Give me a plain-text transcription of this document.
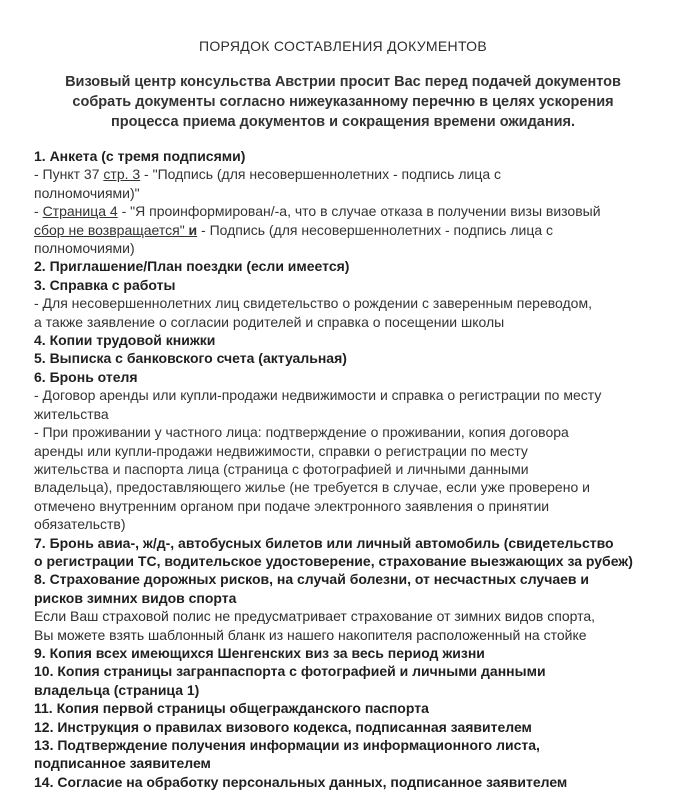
ПОРЯДОК СОСТАВЛЕНИЯ ДОКУМЕНТОВ

Визовый центр консульства Австрии просит Вас перед подачей документов

собрать документы согласно нижеуказанному перечню в целях ускорения

процесса приема документов и сокращения времени ожидания.

1. Анкета (с тремя подписями)
- Пункт 37 стр. 3 - "Подпись (для несовершеннолетних - подпись лица с
полномочиями)"
- Страница 4 - "Я проинформирован/-а, что в случае отказа в получении визы визовый
сбор не возвращается" и - Подпись (для несовершеннолетних - подпись лица с
полномочиями)
2. Приглашение/План поездки (если имеется)
3. Справка с работы
- Для несовершеннолетних лиц свидетельство о рождении с заверенным переводом,
а также заявление о согласии родителей и справка о посещении школы
4. Копии трудовой книжки
5. Выписка с банковского счета (актуальная)
6. Бронь отеля
- Договор аренды или купли-продажи недвижимости и справка о регистрации по месту
жительства
- При проживании у частного лица: подтверждение о проживании, копия договора
аренды или купли-продажи недвижимости, справки о регистрации по месту
жительства и паспорта лица (страница с фотографией и личными данными
владельца), предоставляющего жилье (не требуется в случае, если уже проверено и
отмечено внутренним органом при подаче электронного заявления о принятии
обязательств)
7. Бронь авиа-, ж/д-, автобусных билетов или личный автомобиль (свидетельство
о регистрации ТС, водительское удостоверение, страхование выезжающих за рубеж)
8. Страхование дорожных рисков, на случай болезни, от несчастных случаев и
рисков зимних видов спорта
Если Ваш страховой полис не предусматривает страхование от зимних видов спорта,
Вы можете взять шаблонный бланк из нашего накопителя расположенный на стойке
9. Копия всех имеющихся Шенгенских виз за весь период жизни
10. Копия страницы загранпаспорта с фотографией и личными данными
владельца (страница 1)
11. Копия первой страницы общегражданского паспорта
12. Инструкция о правилах визового кодекса, подписанная заявителем
13. Подтверждение получения информации из информационного листа,
подписанное заявителем
14. Согласие на обработку персональных данных, подписанное заявителем
